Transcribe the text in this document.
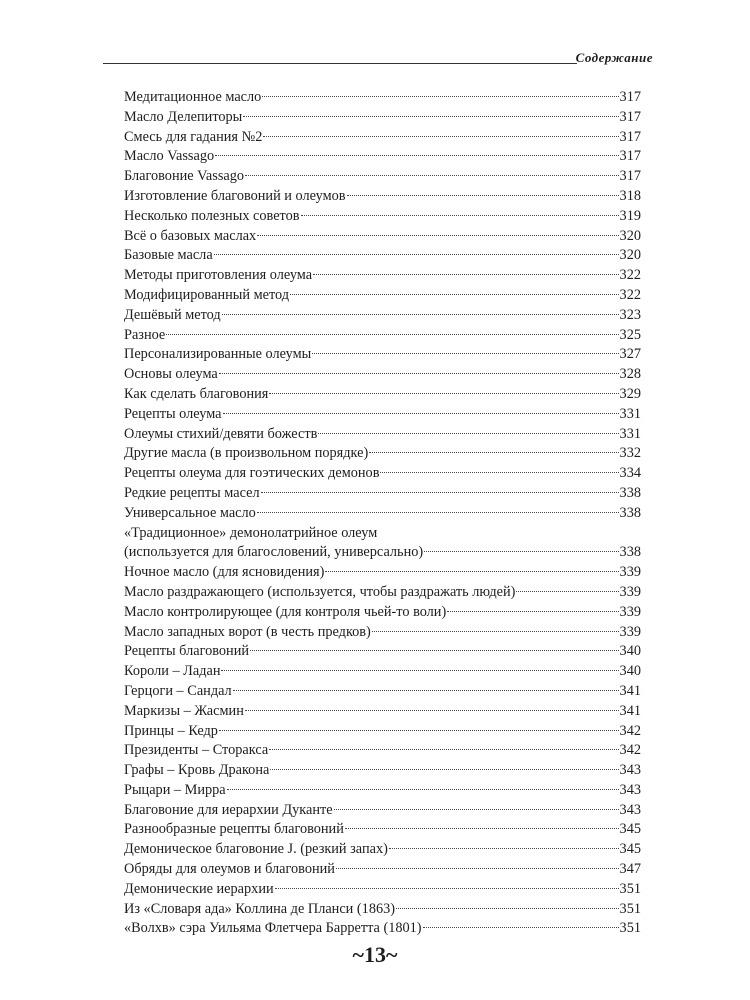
Содержание
Медитационное масло	317
Масло Делепиторы	317
Смесь для гадания №2	317
Масло Vassago	317
Благовоние Vassago	317
Изготовление благовоний и олеумов	318
Несколько полезных советов	319
Всё о базовых маслах	320
Базовые масла	320
Методы приготовления олеума	322
Модифицированный метод	322
Дешёвый метод	323
Разное	325
Персонализированные олеумы	327
Основы олеума	328
Как сделать благовония	329
Рецепты олеума	331
Олеумы стихий/девяти божеств	331
Другие масла (в произвольном порядке)	332
Рецепты олеума для гоэтических демонов	334
Редкие рецепты масел	338
Универсальное масло	338
«Традиционное» демонолатрийное олеум
(используется для благословений, универсально)	338
Ночное масло (для ясновидения)	339
Масло раздражающего (используется, чтобы раздражать людей)	339
Масло контролирующее (для контроля чьей-то воли)	339
Масло западных ворот (в честь предков)	339
Рецепты благовоний	340
Короли – Ладан	340
Герцоги – Сандал	341
Маркизы – Жасмин	341
Принцы – Кедр	342
Президенты – Сторакса	342
Графы – Кровь Дракона	343
Рыцари – Мирра	343
Благовоние для иерархии Дуканте	343
Разнообразные рецепты благовоний	345
Демоническое благовоние J. (резкий запах)	345
Обряды для олеумов и благовоний	347
Демонические иерархии	351
Из «Словаря ада» Коллина де Планси (1863)	351
«Волхв» сэра Уильяма Флетчера Барретта (1801)	351
~13~
